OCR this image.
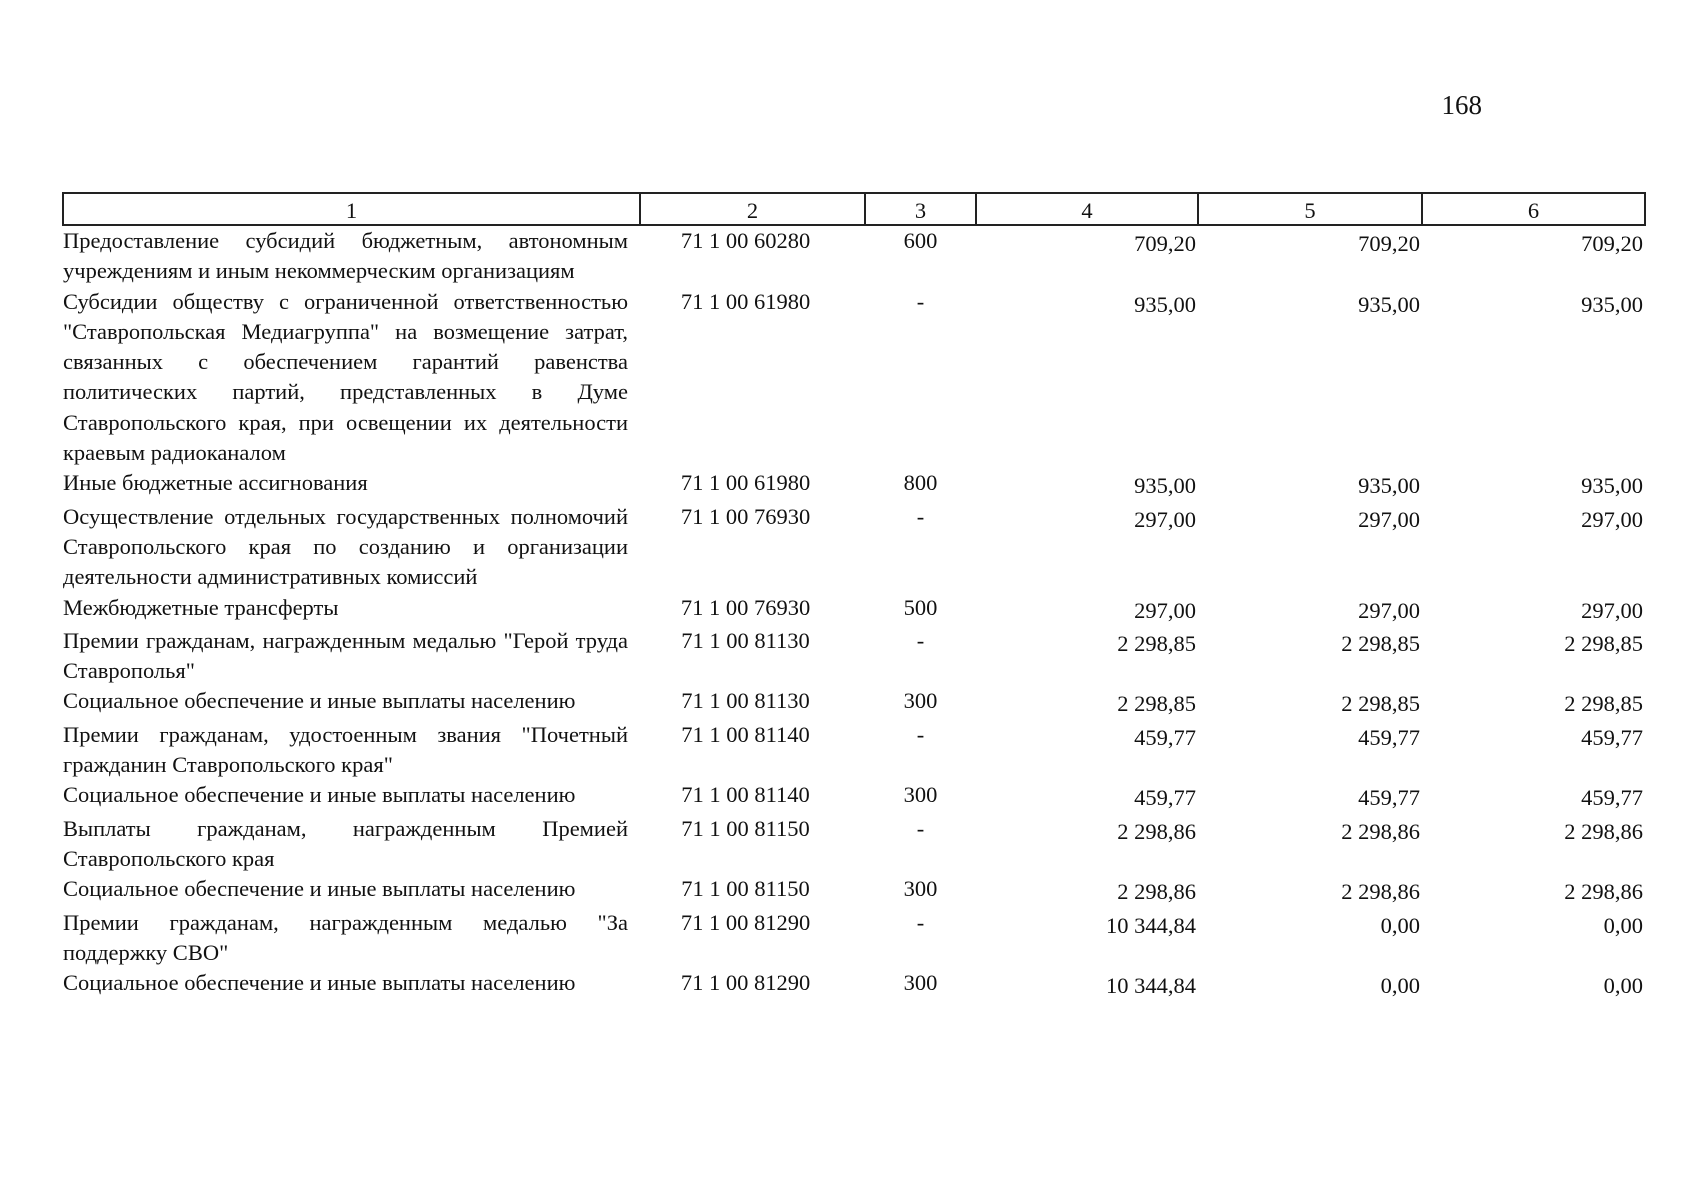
168
1	2	3	4	5	6
Предоставление субсидий бюджетным, автономным учреждениям и иным некоммерческим организациям	71 1 00 60280	600	709,20	709,20	709,20
Субсидии обществу с ограниченной ответственностью "Ставропольская Медиагруппа" на возмещение затрат, связанных с обеспечением гарантий равенства политических партий, представленных в Думе Ставропольского края, при освещении их деятельности краевым радиоканалом	71 1 00 61980	-	935,00	935,00	935,00
Иные бюджетные ассигнования	71 1 00 61980	800	935,00	935,00	935,00
Осуществление отдельных государственных полномочий Ставропольского края по созданию и организации деятельности административных комиссий	71 1 00 76930	-	297,00	297,00	297,00
Межбюджетные трансферты	71 1 00 76930	500	297,00	297,00	297,00
Премии гражданам, награжденным медалью "Герой труда Ставрополья"	71 1 00 81130	-	2 298,85	2 298,85	2 298,85
Социальное обеспечение и иные выплаты населению	71 1 00 81130	300	2 298,85	2 298,85	2 298,85
Премии гражданам, удостоенным звания "Почетный гражданин Ставропольского края"	71 1 00 81140	-	459,77	459,77	459,77
Социальное обеспечение и иные выплаты населению	71 1 00 81140	300	459,77	459,77	459,77
Выплаты гражданам, награжденным Премией Ставропольского края	71 1 00 81150	-	2 298,86	2 298,86	2 298,86
Социальное обеспечение и иные выплаты населению	71 1 00 81150	300	2 298,86	2 298,86	2 298,86
Премии гражданам, награжденным медалью "За поддержку СВО"	71 1 00 81290	-	10 344,84	0,00	0,00
Социальное обеспечение и иные выплаты населению	71 1 00 81290	300	10 344,84	0,00	0,00
